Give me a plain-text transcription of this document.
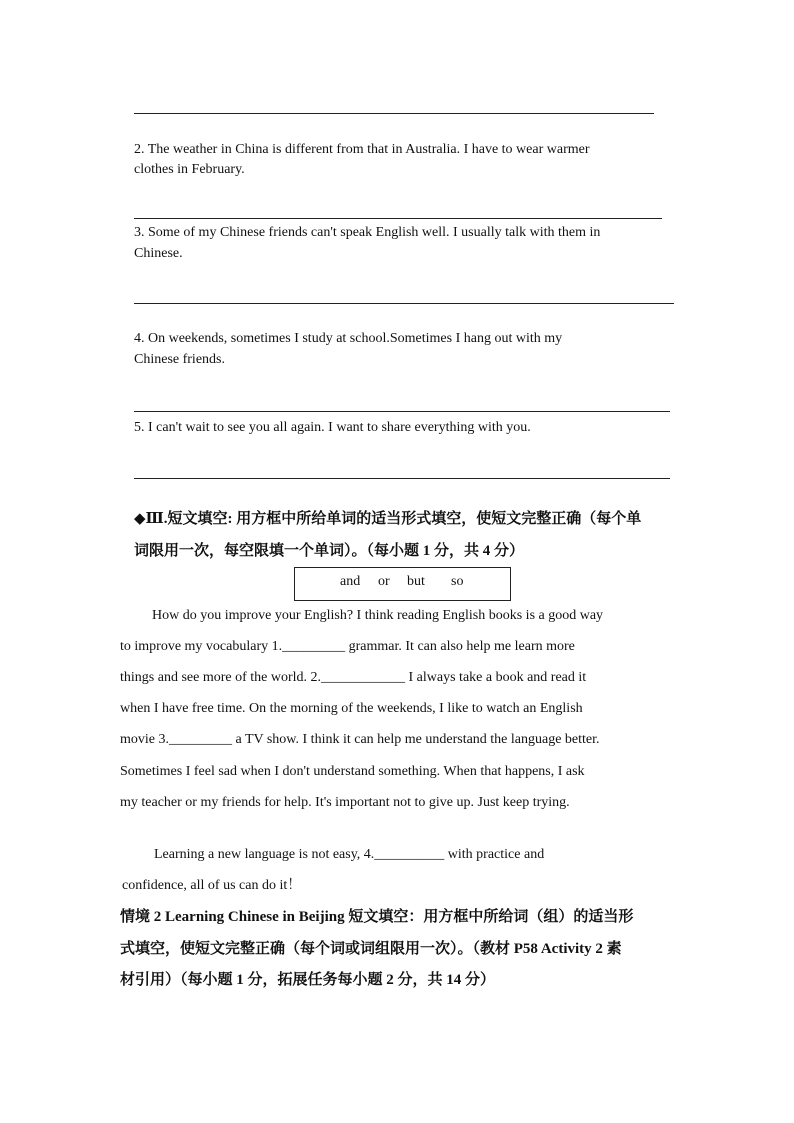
2. The weather in China is different from that in Australia. I have to wear warmer
clothes in February.
3. Some of my Chinese friends can't speak English well. I usually talk with them in
Chinese.
4. On weekends, sometimes I study at school.Sometimes I hang out with my
Chinese friends.
5. I can't wait to see you all again. I want to share everything with you.
◆Ⅲ.短文填空: 用方框中所给单词的适当形式填空，使短文完整正确（每个单
词限用一次，每空限填一个单词）。（每小题 1 分，共 4 分）
and or but so
How do you improve your English? I think reading English books is a good way
to improve my vocabulary 1._________ grammar. It can also help me learn more
things and see more of the world. 2.____________ I always take a book and read it
when I have free time. On the morning of the weekends, I like to watch an English
movie 3._________ a TV show. I think it can help me understand the language better.
Sometimes I feel sad when I don't understand something. When that happens, I ask
my teacher or my friends for help. It's important not to give up. Just keep trying.
Learning a new language is not easy, 4.__________ with practice and
confidence, all of us can do it！
情境 2 Learning Chinese in Beijing 短文填空：用方框中所给词（组）的适当形
式填空，使短文完整正确（每个词或词组限用一次）。（教材 P58 Activity 2 素
材引用）（每小题 1 分，拓展任务每小题 2 分，共 14 分）
